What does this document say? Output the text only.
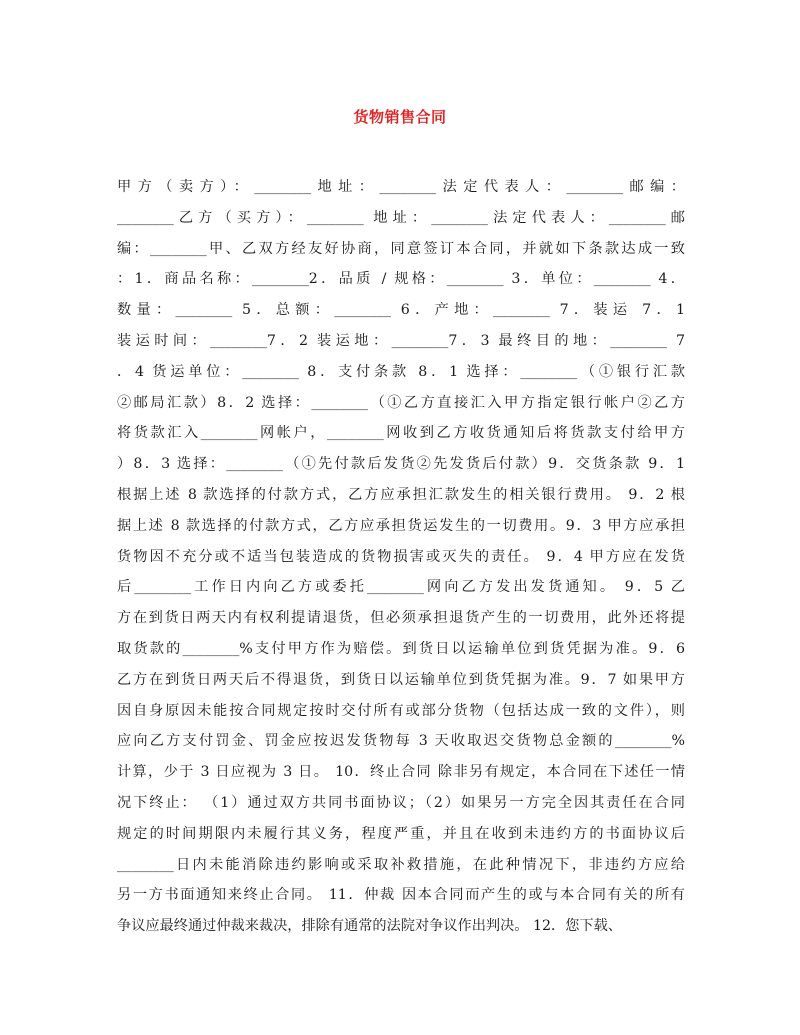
货物销售合同
甲方（卖方）：________地址：________法定代表人：________邮编：
________乙方（买方）：________ 地址：________法定代表人：________邮
编：________甲、乙双方经友好协商，同意签订本合同，并就如下条款达成一致
：1．商品名称：________2．品质 / 规格：________ 3．单位：________ 4．
数量：________ 5．总额：________ 6．产地：________ 7．装运 7．1
装运时间：________7．2 装运地：________7．3 最终目的地：________ 7
．4 货运单位：________ 8．支付条款 8．1 选择：________（①银行汇款
②邮局汇款）8．2 选择：________（①乙方直接汇入甲方指定银行帐户②乙方
将货款汇入________网帐户，________网收到乙方收货通知后将货款支付给甲方
）8．3 选择：________（①先付款后发货②先发货后付款）9．交货条款 9．1
根据上述 8 款选择的付款方式，乙方应承担汇款发生的相关银行费用。 9．2 根
据上述 8 款选择的付款方式，乙方应承担货运发生的一切费用。9．3 甲方应承担
货物因不充分或不适当包装造成的货物损害或灭失的责任。 9．4 甲方应在发货
后________工作日内向乙方或委托________网向乙方发出发货通知。 9．5 乙
方在到货日两天内有权利提请退货，但必须承担退货产生的一切费用，此外还将提
取货款的________%支付甲方作为赔偿。到货日以运输单位到货凭据为准。9．6
乙方在到货日两天后不得退货，到货日以运输单位到货凭据为准。9．7 如果甲方
因自身原因未能按合同规定按时交付所有或部分货物（包括达成一致的文件），则
应向乙方支付罚金、罚金应按迟发货物每 3 天收取迟交货物总金额的________%
计算，少于 3 日应视为 3 日。 10．终止合同 除非另有规定，本合同在下述任一情
况下终止： （1）通过双方共同书面协议；（2）如果另一方完全因其责任在合同
规定的时间期限内未履行其义务，程度严重，并且在收到未违约方的书面协议后
________日内未能消除违约影响或采取补救措施，在此种情况下，非违约方应给
另一方书面通知来终止合同。 11．仲裁 因本合同而产生的或与本合同有关的所有
争议应最终通过仲裁来裁决，排除有通常的法院对争议作出判决。 12．您下载、
